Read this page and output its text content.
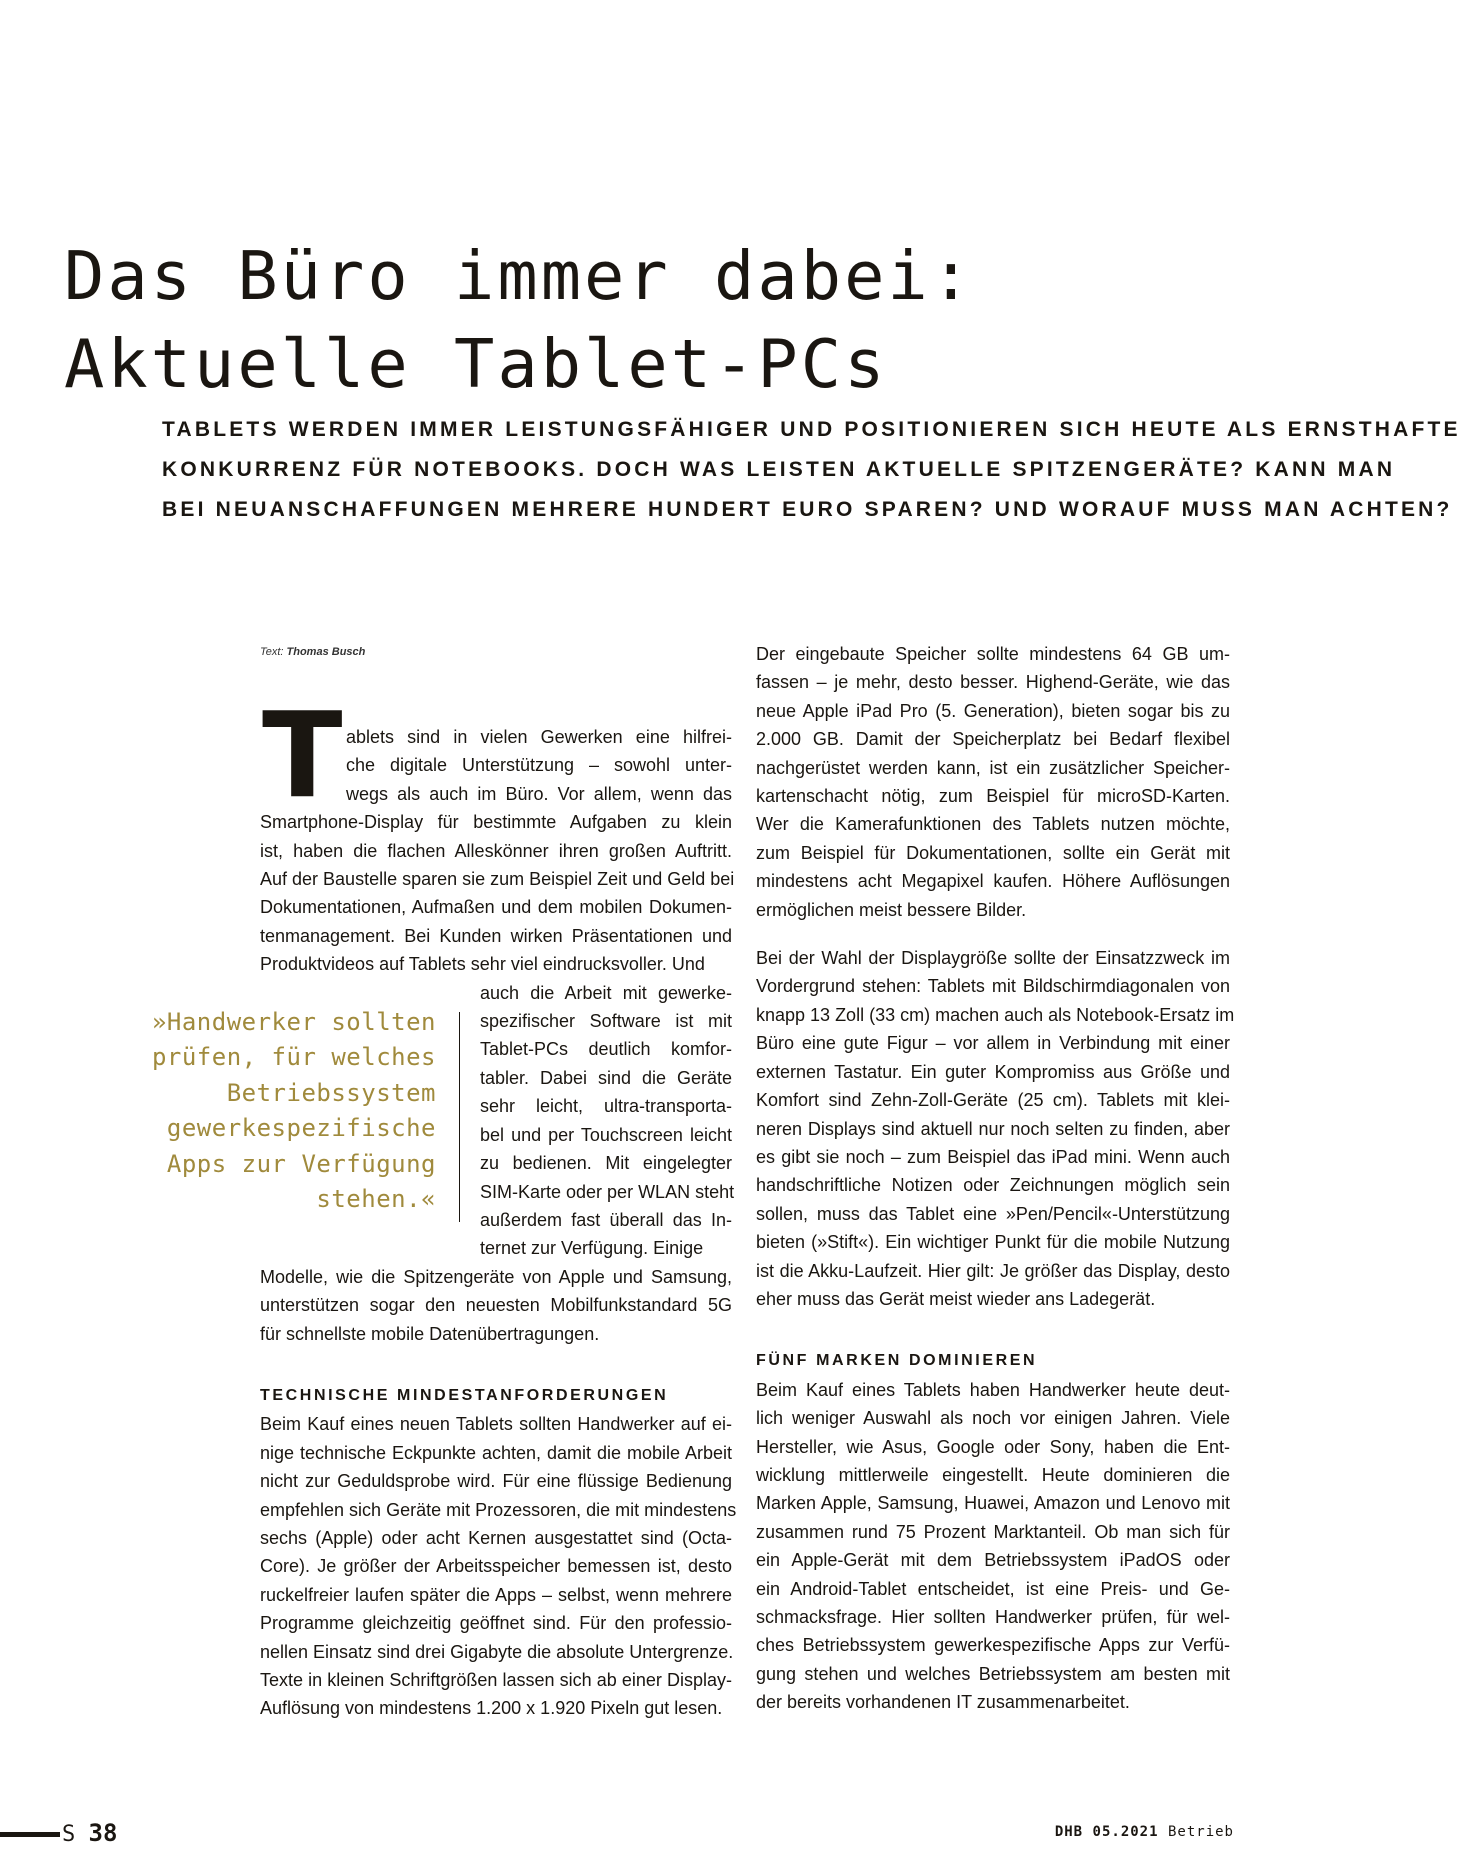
Das Büro immer dabei:
Aktuelle Tablet-PCs
TABLETS WERDEN IMMER LEISTUNGSFÄHIGER UND POSITIONIEREN SICH HEUTE ALS ERNSTHAFTE
KONKURRENZ FÜR NOTEBOOKS. DOCH WAS LEISTEN AKTUELLE SPITZENGERÄTE? KANN MAN
BEI NEUANSCHAFFUNGEN MEHRERE HUNDERT EURO SPAREN? UND WORAUF MUSS MAN ACHTEN?
Text: Thomas Busch
T ablets sind in vielen Gewerken eine hilfrei-
che digitale Unterstützung – sowohl unter-
wegs als auch im Büro. Vor allem, wenn das
Smartphone-Display für bestimmte Aufgaben zu klein
ist, haben die flachen Alleskönner ihren großen Auftritt.
Auf der Baustelle sparen sie zum Beispiel Zeit und Geld bei
Dokumentationen, Aufmaßen und dem mobilen Dokumen-
tenmanagement. Bei Kunden wirken Präsentationen und
Produktvideos auf Tablets sehr viel eindrucksvoller. Und
auch die Arbeit mit gewerke-
spezifischer Software ist mit
Tablet-PCs deutlich komfor-
tabler. Dabei sind die Geräte
sehr leicht, ultra-transporta-
bel und per Touchscreen leicht
zu bedienen. Mit eingelegter
SIM-Karte oder per WLAN steht
außerdem fast überall das In-
ternet zur Verfügung. Einige
Modelle, wie die Spitzengeräte von Apple und Samsung,
unterstützen sogar den neuesten Mobilfunkstandard 5G
für schnellste mobile Datenübertragungen.
TECHNISCHE MINDESTANFORDERUNGEN
Beim Kauf eines neuen Tablets sollten Handwerker auf ei-
nige technische Eckpunkte achten, damit die mobile Arbeit
nicht zur Geduldsprobe wird. Für eine flüssige Bedienung
empfehlen sich Geräte mit Prozessoren, die mit mindestens
sechs (Apple) oder acht Kernen ausgestattet sind (Octa-
Core). Je größer der Arbeitsspeicher bemessen ist, desto
ruckelfreier laufen später die Apps – selbst, wenn mehrere
Programme gleichzeitig geöffnet sind. Für den professio-
nellen Einsatz sind drei Gigabyte die absolute Untergrenze.
Texte in kleinen Schriftgrößen lassen sich ab einer Display-
Auflösung von mindestens 1.200 x 1.920 Pixeln gut lesen.
»Handwerker sollten
prüfen, für welches
Betriebssystem
gewerkespezifische
Apps zur Verfügung
stehen.«
Der eingebaute Speicher sollte mindestens 64 GB um-
fassen – je mehr, desto besser. Highend-Geräte, wie das
neue Apple iPad Pro (5. Generation), bieten sogar bis zu
2.000 GB. Damit der Speicherplatz bei Bedarf flexibel
nachgerüstet werden kann, ist ein zusätzlicher Speicher-
kartenschacht nötig, zum Beispiel für microSD-Karten.
Wer die Kamerafunktionen des Tablets nutzen möchte,
zum Beispiel für Dokumentationen, sollte ein Gerät mit
mindestens acht Megapixel kaufen. Höhere Auflösungen
ermöglichen meist bessere Bilder.
Bei der Wahl der Displaygröße sollte der Einsatzzweck im
Vordergrund stehen: Tablets mit Bildschirmdiagonalen von
knapp 13 Zoll (33 cm) machen auch als Notebook-Ersatz im
Büro eine gute Figur – vor allem in Verbindung mit einer
externen Tastatur. Ein guter Kompromiss aus Größe und
Komfort sind Zehn-Zoll-Geräte (25 cm). Tablets mit klei-
neren Displays sind aktuell nur noch selten zu finden, aber
es gibt sie noch – zum Beispiel das iPad mini. Wenn auch
handschriftliche Notizen oder Zeichnungen möglich sein
sollen, muss das Tablet eine »Pen/Pencil«-Unterstützung
bieten (»Stift«). Ein wichtiger Punkt für die mobile Nutzung
ist die Akku-Laufzeit. Hier gilt: Je größer das Display, desto
eher muss das Gerät meist wieder ans Ladegerät.
FÜNF MARKEN DOMINIEREN
Beim Kauf eines Tablets haben Handwerker heute deut-
lich weniger Auswahl als noch vor einigen Jahren. Viele
Hersteller, wie Asus, Google oder Sony, haben die Ent-
wicklung mittlerweile eingestellt. Heute dominieren die
Marken Apple, Samsung, Huawei, Amazon und Lenovo mit
zusammen rund 75 Prozent Marktanteil. Ob man sich für
ein Apple-Gerät mit dem Betriebssystem iPadOS oder
ein Android-Tablet entscheidet, ist eine Preis- und Ge-
schmacksfrage. Hier sollten Handwerker prüfen, für wel-
ches Betriebssystem gewerkespezifische Apps zur Verfü-
gung stehen und welches Betriebssystem am besten mit
der bereits vorhandenen IT zusammenarbeitet.
S 38	DHB 05.2021 Betrieb
